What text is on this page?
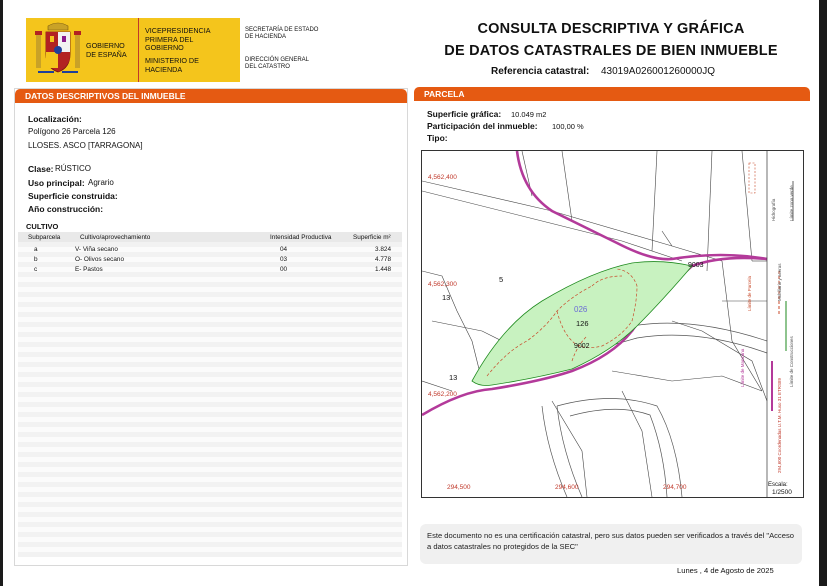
GOBIERNO DE ESPAÑA
VICEPRESIDENCIA PRIMERA DEL GOBIERNO
MINISTERIO DE HACIENDA
SECRETARÍA DE ESTADO DE HACIENDA
DIRECCIÓN GENERAL DEL CATASTRO
CONSULTA DESCRIPTIVA Y GRÁFICA
DE DATOS CATASTRALES DE BIEN INMUEBLE
Referencia catastral: 43019A026001260000JQ
DATOS DESCRIPTIVOS DEL INMUEBLE
Localización:
Polígono 26 Parcela 126
LLOSES. ASCO [TARRAGONA]
Clase: RÚSTICO
Uso principal: Agrario
Superficie construida:
Año construcción:
CULTIVO
Subparcela	Cultivo/aprovechamiento	Intensidad Productiva	Superficie m²
a	V- Viña secano	04	3.824
b	O- Olivos secano	03	4.778
c	E- Pastos	00	1.448
PARCELA
Superficie gráfica: 10.049 m2
Participación del inmueble: 100,00 %
Tipo:
4,562,400
4,562,300
4,562,200
294,500	294,600	294,700
5
13
13
026
126
9002
9003
Límite de Manzana
Límite de Parcela
Límite de Construcciones
Mobiliario y aceras
Límite zona verde
Hidrografía
294,600 Coordenadas U.T.M. Huso 31 ETRS89
Escala:
1/2500
Este documento no es una certificación catastral, pero sus datos pueden ser verificados a través del "Acceso a datos catastrales no protegidos de la SEC"
Lunes , 4 de Agosto de 2025
